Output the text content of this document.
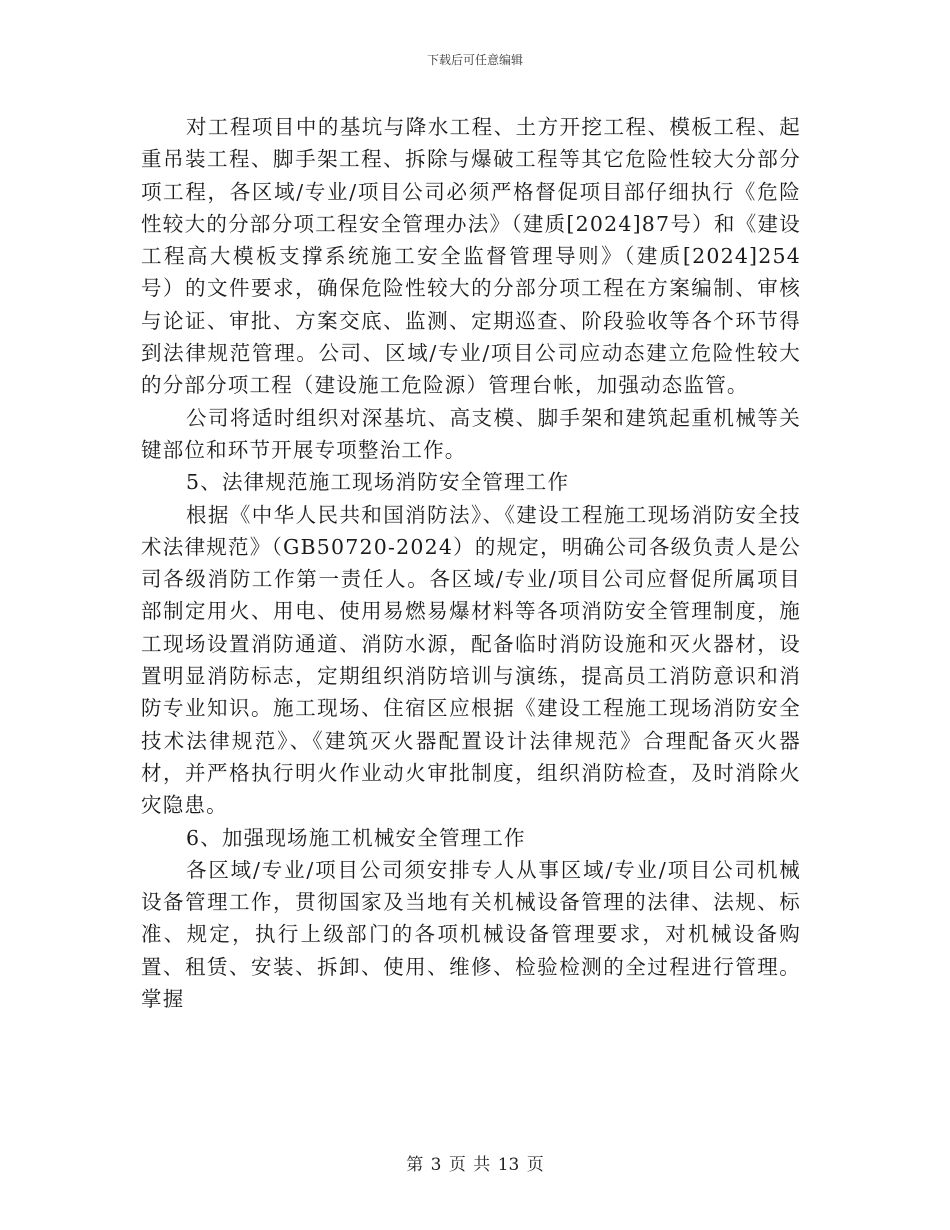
下载后可任意编辑

对工程项目中的基坑与降水工程、土方开挖工程、模板工程、起重吊装工程、脚手架工程、拆除与爆破工程等其它危险性较大分部分项工程，各区域/专业/项目公司必须严格督促项目部仔细执行《危险性较大的分部分项工程安全管理办法》（建质[2024]87号）和《建设工程高大模板支撑系统施工安全监督管理导则》（建质[2024]254号）的文件要求，确保危险性较大的分部分项工程在方案编制、审核与论证、审批、方案交底、监测、定期巡查、阶段验收等各个环节得到法律规范管理。公司、区域/专业/项目公司应动态建立危险性较大的分部分项工程（建设施工危险源）管理台帐，加强动态监管。

公司将适时组织对深基坑、高支模、脚手架和建筑起重机械等关键部位和环节开展专项整治工作。

5、法律规范施工现场消防安全管理工作

根据《中华人民共和国消防法》、《建设工程施工现场消防安全技术法律规范》（GB50720-2024）的规定，明确公司各级负责人是公司各级消防工作第一责任人。各区域/专业/项目公司应督促所属项目部制定用火、用电、使用易燃易爆材料等各项消防安全管理制度，施工现场设置消防通道、消防水源，配备临时消防设施和灭火器材，设置明显消防标志，定期组织消防培训与演练，提高员工消防意识和消防专业知识。施工现场、住宿区应根据《建设工程施工现场消防安全技术法律规范》、《建筑灭火器配置设计法律规范》合理配备灭火器材，并严格执行明火作业动火审批制度，组织消防检查，及时消除火灾隐患。

6、加强现场施工机械安全管理工作

各区域/专业/项目公司须安排专人从事区域/专业/项目公司机械设备管理工作，贯彻国家及当地有关机械设备管理的法律、法规、标准、规定，执行上级部门的各项机械设备管理要求，对机械设备购置、租赁、安装、拆卸、使用、维修、检验检测的全过程进行管理。掌握

第 3 页 共 13 页
